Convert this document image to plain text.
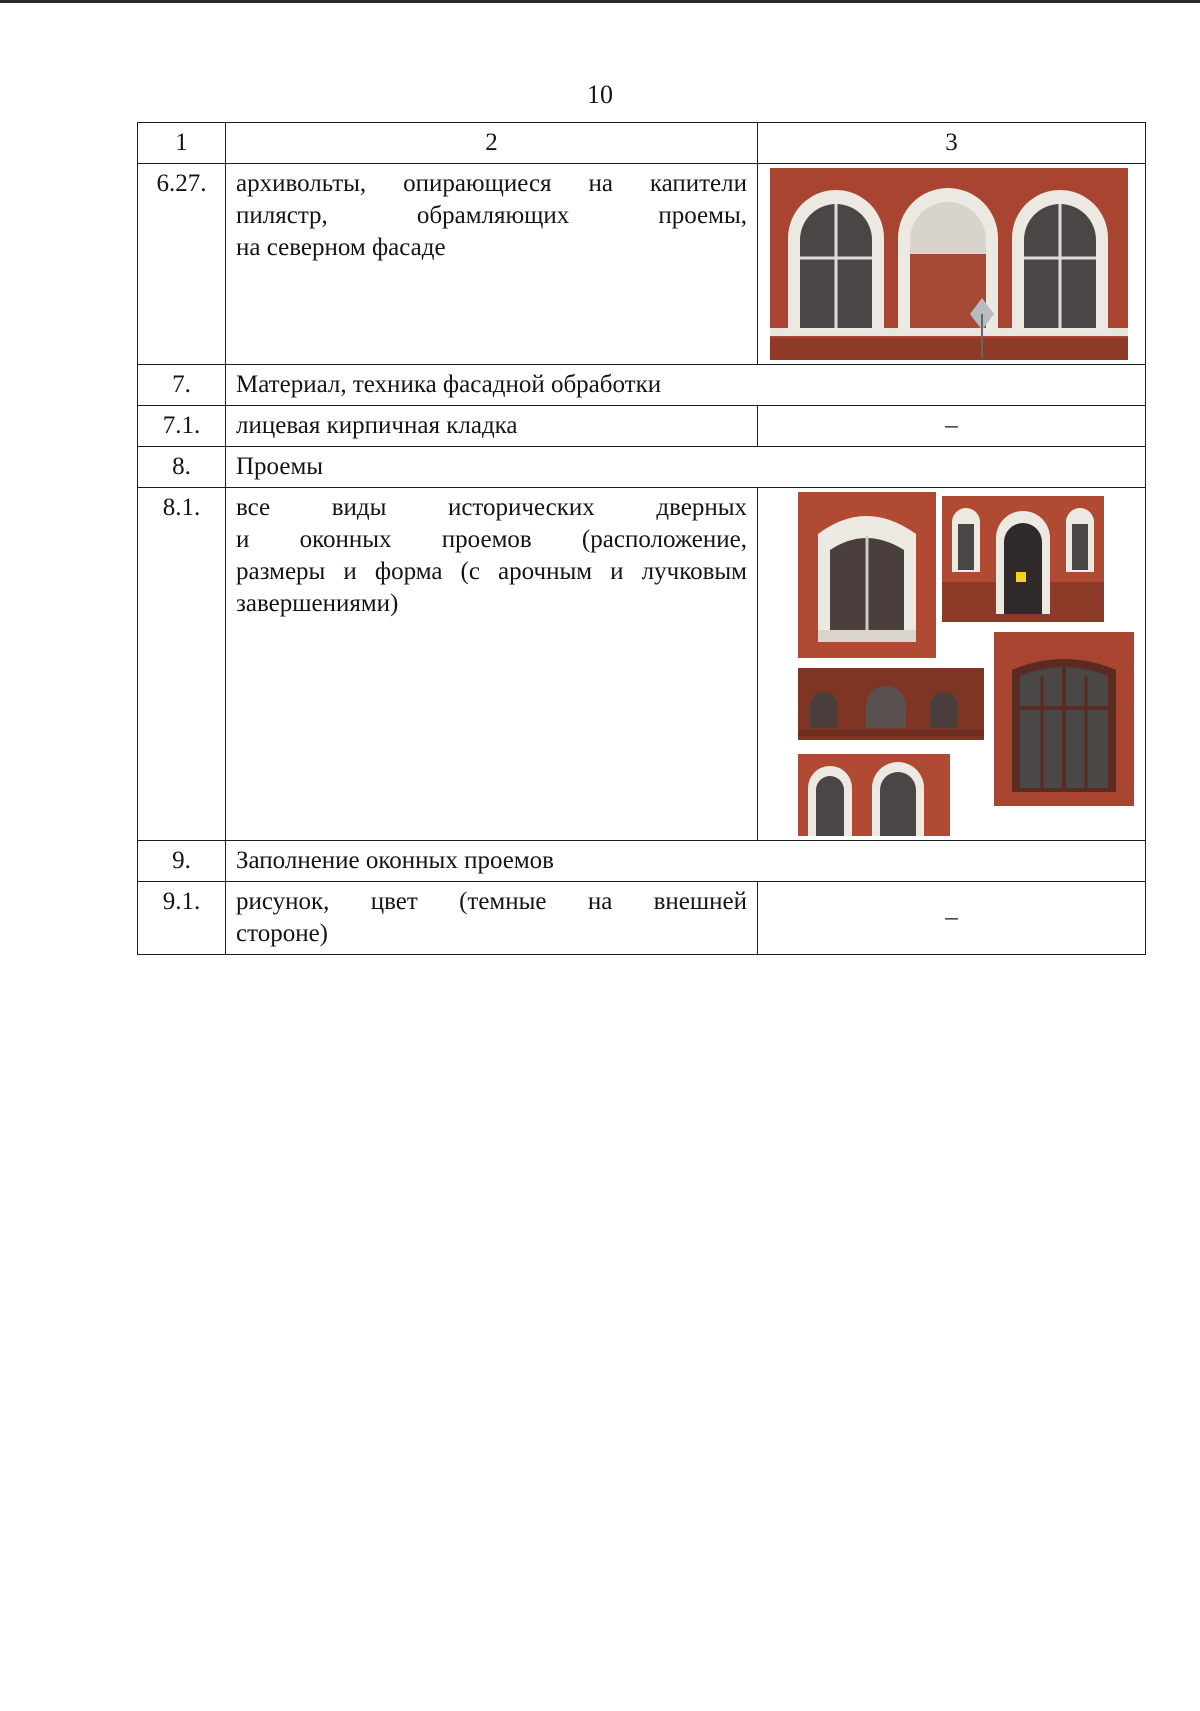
10
1	2	3
6.27.	архивольты, опирающиеся на капители
пилястр, обрамляющих проемы,
на северном фасаде

7.	Материал, техника фасадной обработки	
7.1.	лицевая кирпичная кладка	–
8.	Проемы	
8.1.	все виды исторических дверных
и оконных проемов (расположение,
размеры и форма (с арочным и лучковым
завершениями)

9.	Заполнение оконных проемов	
9.1.	рисунок, цвет (темные на внешней
стороне)	–
